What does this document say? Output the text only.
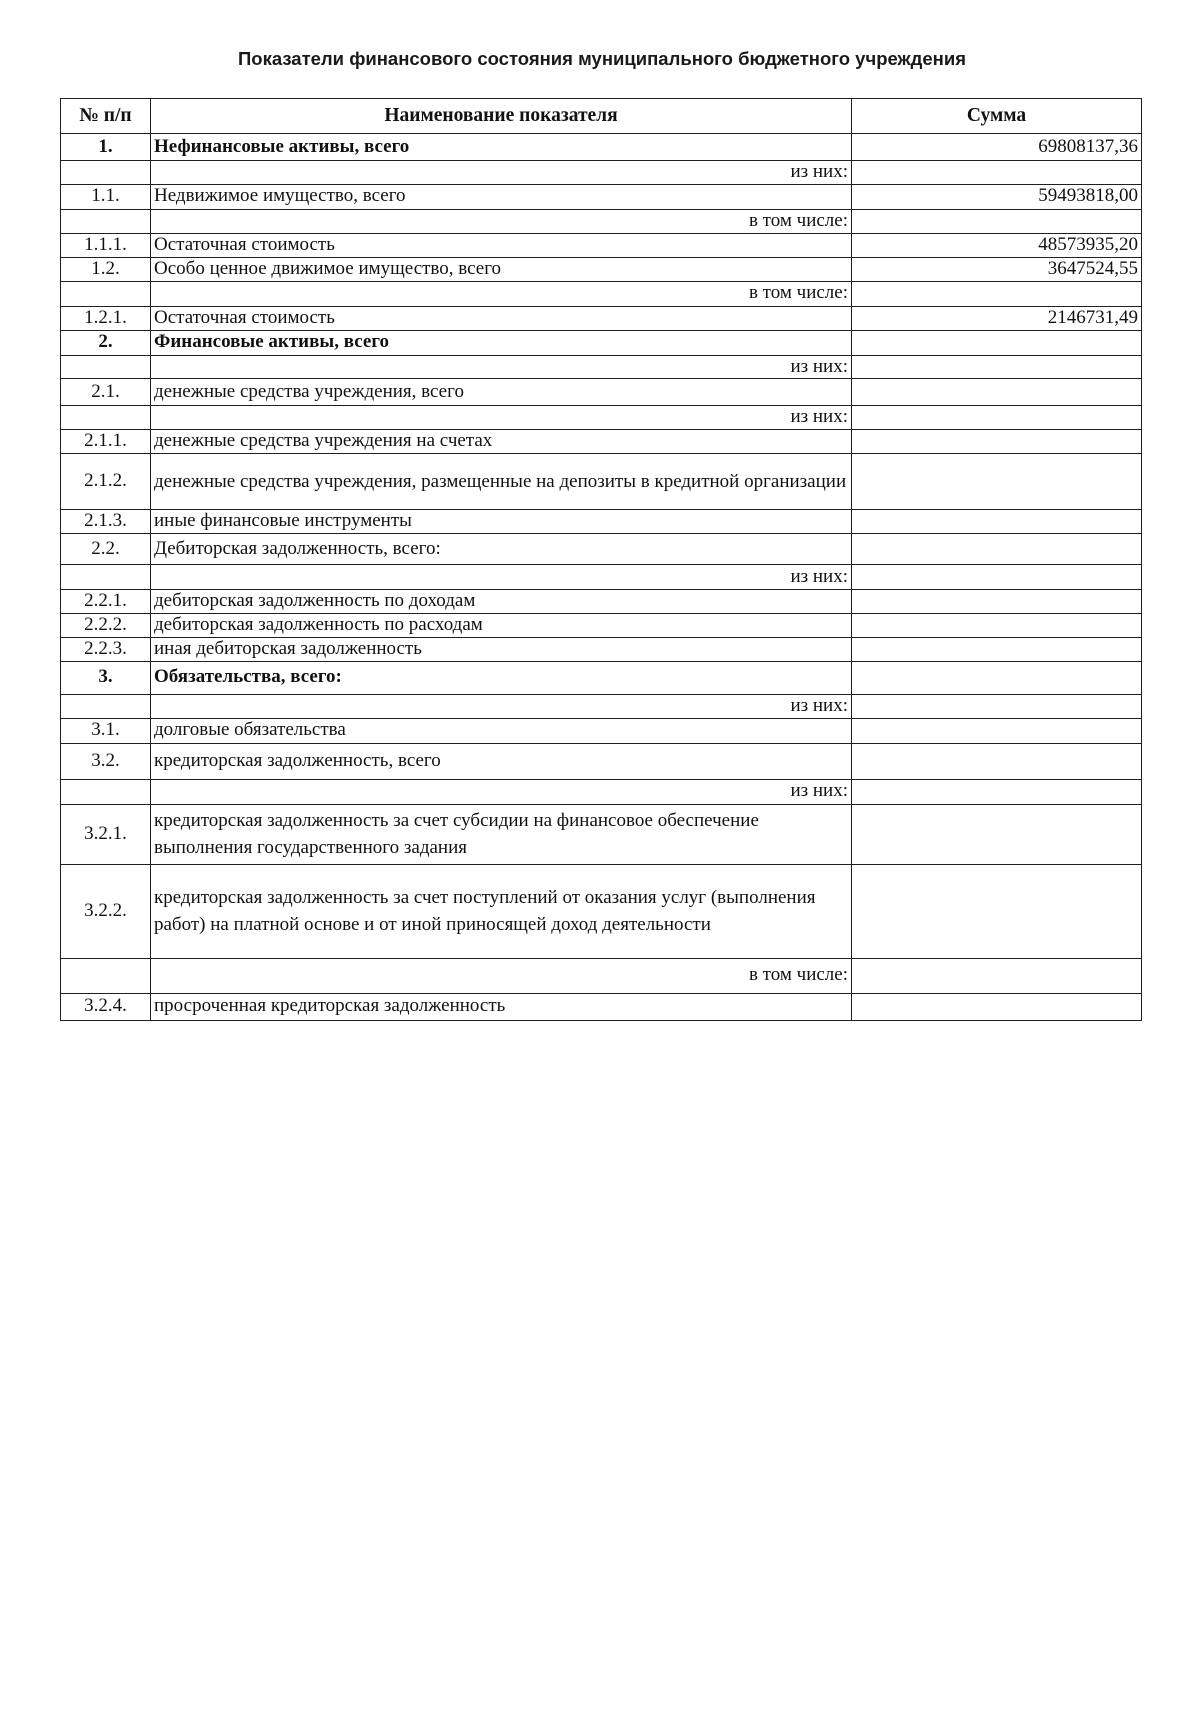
Показатели финансового состояния муниципального бюджетного учреждения
№ п/п	Наименование показателя	Сумма
1.	Нефинансовые активы, всего	69808137,36
	из них:	
1.1.	Недвижимое имущество, всего	59493818,00
	в том числе:	
1.1.1.	Остаточная стоимость	48573935,20
1.2.	Особо ценное движимое имущество, всего	3647524,55
	в том числе:	
1.2.1.	Остаточная стоимость	2146731,49
2.	Финансовые активы, всего	
	из них:	
2.1.	денежные средства учреждения, всего	
	из них:	
2.1.1.	денежные средства учреждения на счетах	
2.1.2.	денежные средства учреждения, размещенные на депозиты в кредитной организации	
2.1.3.	иные финансовые инструменты	
2.2.	Дебиторская задолженность, всего:	
	из них:	
2.2.1.	дебиторская задолженность по доходам	
2.2.2.	дебиторская задолженность по расходам	
2.2.3.	иная дебиторская задолженность	
3.	Обязательства, всего:	
	из них:	
3.1.	долговые обязательства	
3.2.	кредиторская задолженность, всего	
	из них:	
3.2.1.	кредиторская задолженность за счет субсидии на финансовое обеспечение выполнения государственного задания	
3.2.2.	кредиторская задолженность за счет поступлений от оказания услуг (выполнения работ) на платной основе и от иной приносящей доход деятельности	
	в том числе:	
3.2.4.	просроченная кредиторская задолженность	
